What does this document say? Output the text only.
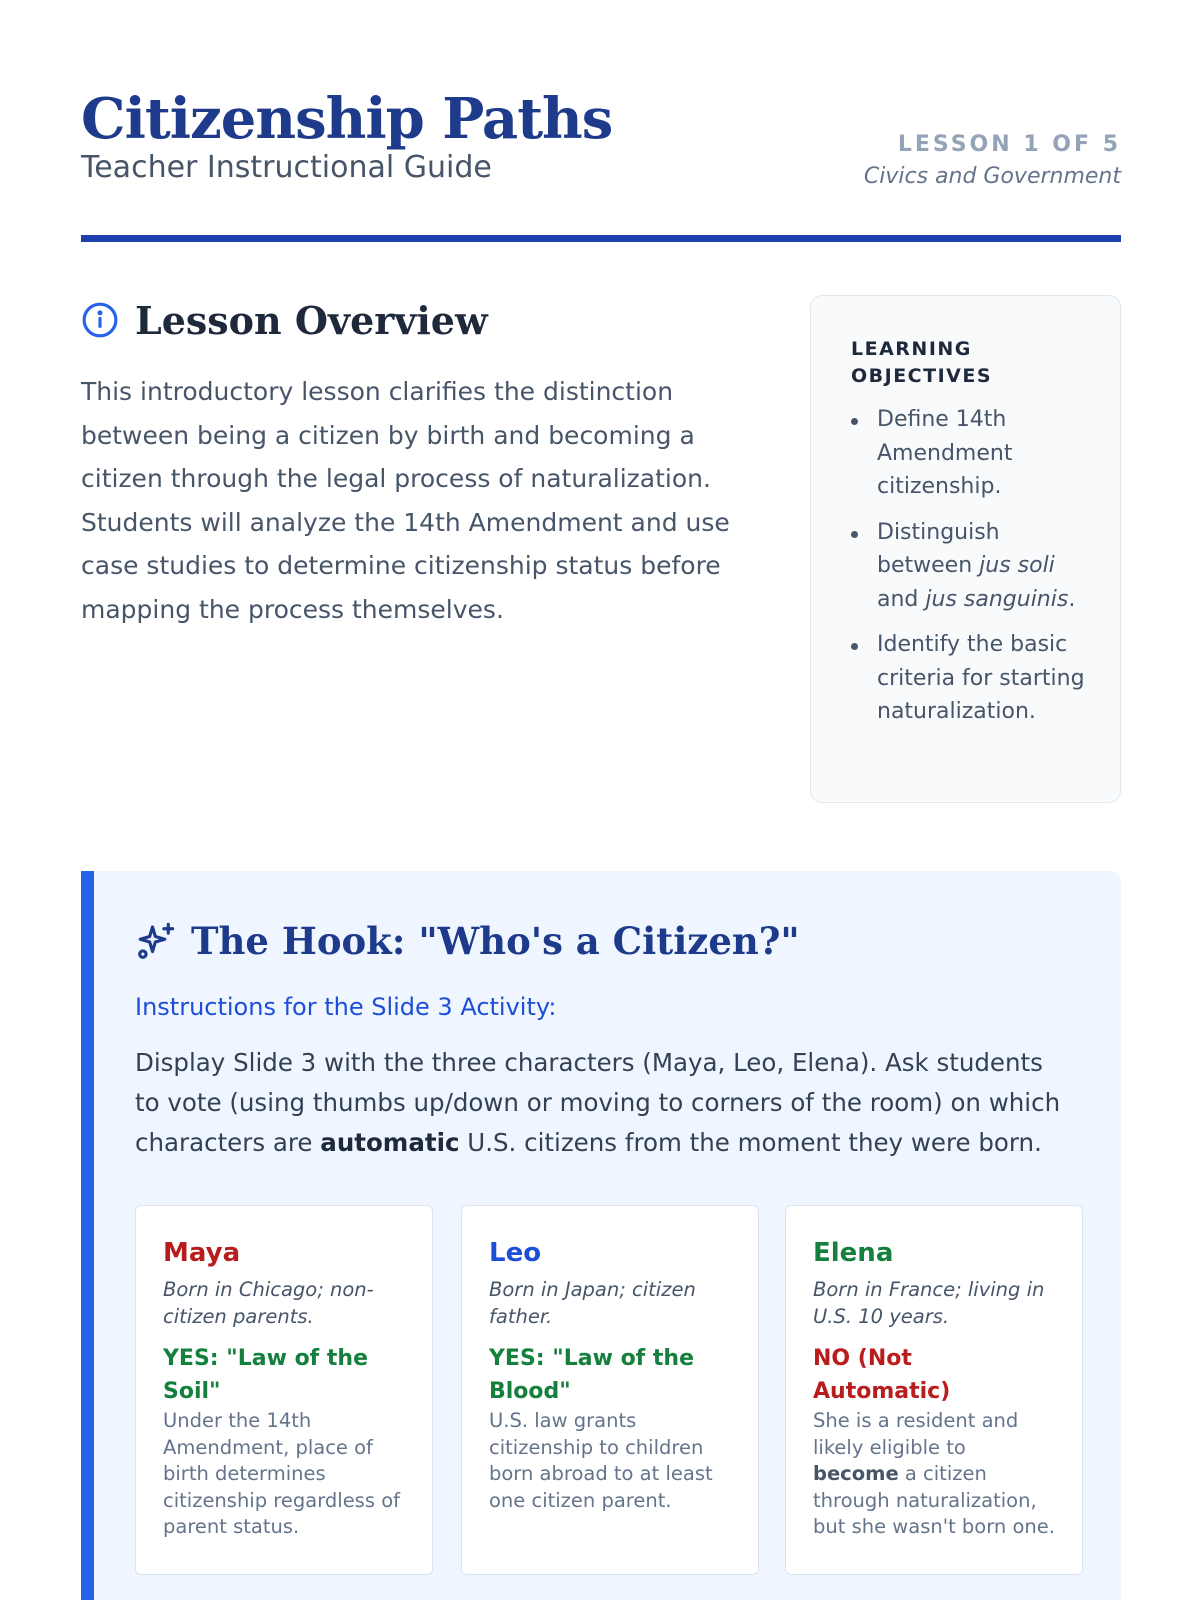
Citizenship Paths
Teacher Instructional Guide
LESSON 1 OF 5
Civics and Government
Lesson Overview

This introductory lesson clarifies the distinction between being a citizen by birth and becoming a citizen through the legal process of naturalization. Students will analyze the 14th Amendment and use case studies to determine citizenship status before mapping the process themselves.

LEARNING OBJECTIVES
Define 14th Amendment citizenship.
Distinguish between jus soli and jus sanguinis.
Identify the basic criteria for starting naturalization.
The Hook: "Who's a Citizen?"
Instructions for the Slide 3 Activity:

Display Slide 3 with the three characters (Maya, Leo, Elena). Ask students to vote (using thumbs up/down or moving to corners of the room) on which characters are automatic U.S. citizens from the moment they were born.

Maya
Born in Chicago; non-citizen parents.
YES: "Law of the Soil"
Under the 14th Amendment, place of birth determines citizenship regardless of parent status.
Leo
Born in Japan; citizen father.
YES: "Law of the Blood"
U.S. law grants citizenship to children born abroad to at least one citizen parent.
Elena
Born in France; living in U.S. 10 years.
NO (Not Automatic)
She is a resident and likely eligible to become a citizen through naturalization, but she wasn't born one.
